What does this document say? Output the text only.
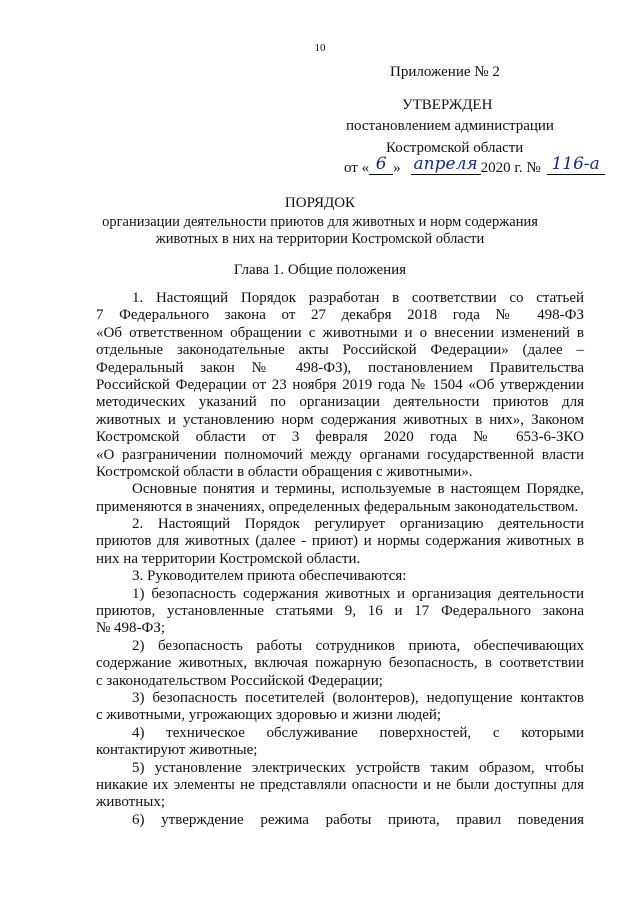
10
Приложение № 2
УТВЕРЖДЕН
постановлением администрации
Костромской области
от « 6 » апреля 2020 г. № 116-а
ПОРЯДОК
организации деятельности приютов для животных и норм содержания
животных в них на территории Костромской области
Глава 1. Общие положения
1. Настоящий Порядок разработан в соответствии со статьей
7 Федерального закона от 27 декабря 2018 года № 498-ФЗ
«Об ответственном обращении с животными и о внесении изменений в
отдельные законодательные акты Российской Федерации» (далее –
Федеральный закон № 498-ФЗ), постановлением Правительства
Российской Федерации от 23 ноября 2019 года № 1504 «Об утверждении
методических указаний по организации деятельности приютов для
животных и установлению норм содержания животных в них», Законом
Костромской области от 3 февраля 2020 года № 653-6-ЗКО
«О разграничении полномочий между органами государственной власти
Костромской области в области обращения с животными».
Основные понятия и термины, используемые в настоящем Порядке,
применяются в значениях, определенных федеральным законодательством.
2. Настоящий Порядок регулирует организацию деятельности
приютов для животных (далее - приют) и нормы содержания животных в
них на территории Костромской области.
3. Руководителем приюта обеспечиваются:
1) безопасность содержания животных и организация деятельности
приютов, установленные статьями 9, 16 и 17 Федерального закона
№ 498-ФЗ;
2) безопасность работы сотрудников приюта, обеспечивающих
содержание животных, включая пожарную безопасность, в соответствии
с законодательством Российской Федерации;
3) безопасность посетителей (волонтеров), недопущение контактов
с животными, угрожающих здоровью и жизни людей;
4) техническое обслуживание поверхностей, с которыми
контактируют животные;
5) установление электрических устройств таким образом, чтобы
никакие их элементы не представляли опасности и не были доступны для
животных;
6) утверждение режима работы приюта, правил поведения
